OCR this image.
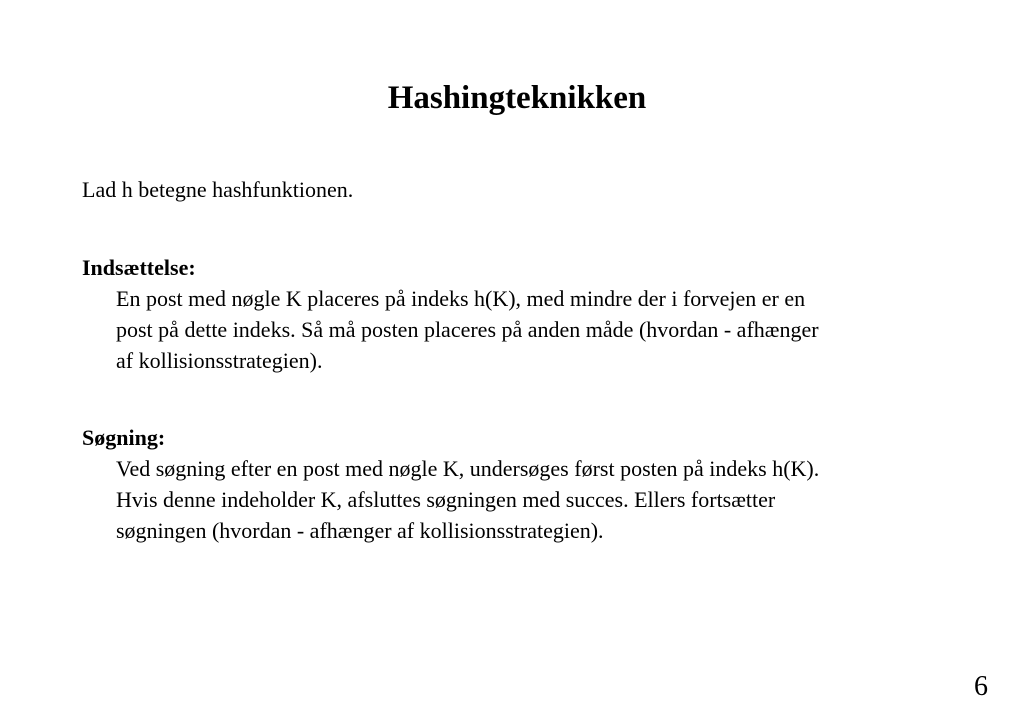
Hashingteknikken

Lad h betegne hashfunktionen.

Indsættelse:

En post med nøgle K placeres på indeks h(K), med mindre der i forvejen er en
post på dette indeks. Så må posten placeres på anden måde (hvordan - afhænger
af kollisionsstrategien).

Søgning:

Ved søgning efter en post med nøgle K, undersøges først posten på indeks h(K).
Hvis denne indeholder K, afsluttes søgningen med succes. Ellers fortsætter
søgningen (hvordan - afhænger af kollisionsstrategien).

6
